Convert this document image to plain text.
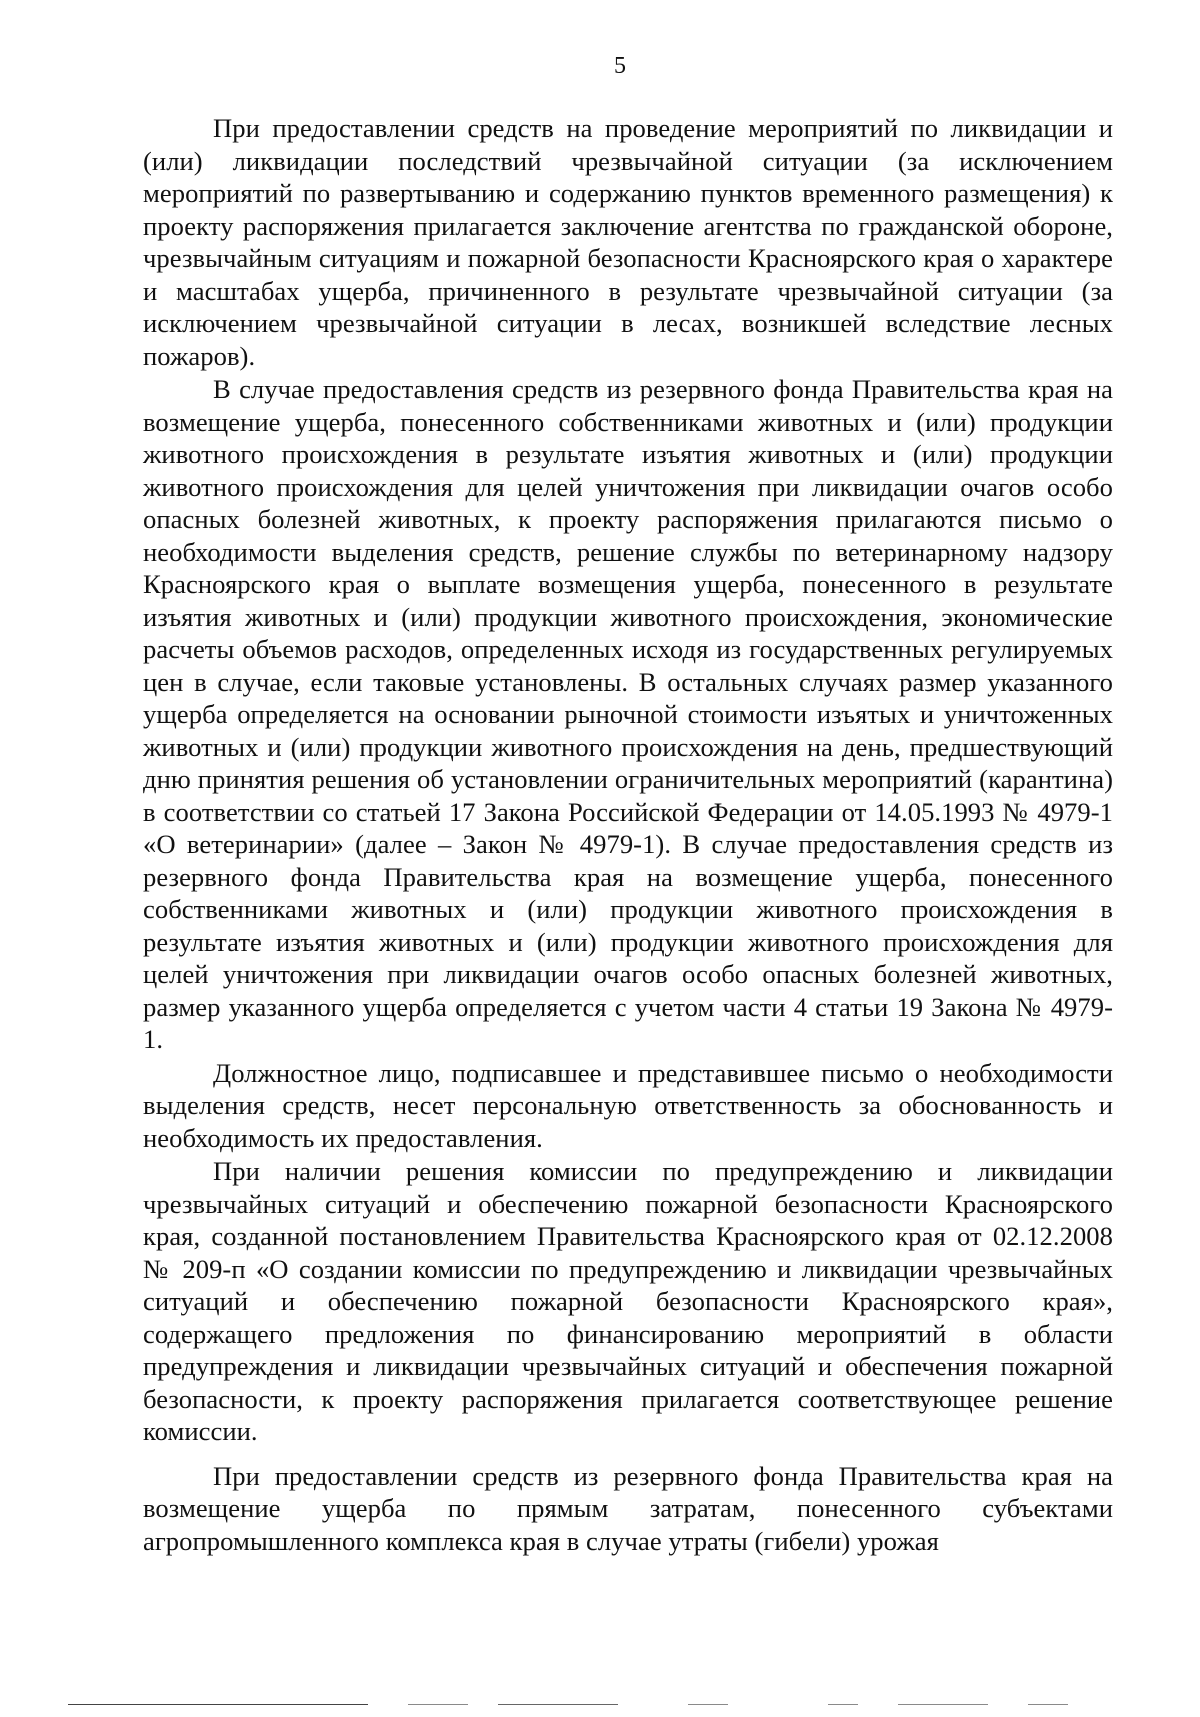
5

При предоставлении средств на проведение мероприятий по ликвидации и (или) ликвидации последствий чрезвычайной ситуации (за исключением мероприятий по развертыванию и содержанию пунктов временного размещения) к проекту распоряжения прилагается заключение агентства по гражданской обороне, чрезвычайным ситуациям и пожарной безопасности Красноярского края о характере и масштабах ущерба, причиненного в результате чрезвычайной ситуации (за исключением чрезвычайной ситуации в лесах, возникшей вследствие лесных пожаров).

В случае предоставления средств из резервного фонда Правительства края на возмещение ущерба, понесенного собственниками животных и (или) продукции животного происхождения в результате изъятия животных и (или) продукции животного происхождения для целей уничтожения при ликвидации очагов особо опасных болезней животных, к проекту распоряжения прилагаются письмо о необходимости выделения средств, решение службы по ветеринарному надзору Красноярского края о выплате возмещения ущерба, понесенного в результате изъятия животных и (или) продукции животного происхождения, экономические расчеты объемов расходов, определенных исходя из государственных регулируемых цен в случае, если таковые установлены. В остальных случаях размер указанного ущерба определяется на основании рыночной стоимости изъятых и уничтоженных животных и (или) продукции животного происхождения на день, предшествующий дню принятия решения об установлении ограничительных мероприятий (карантина) в соответствии со статьей 17 Закона Российской Федерации от 14.05.1993 № 4979-1 «О ветеринарии» (далее – Закон № 4979-1). В случае предоставления средств из резервного фонда Правительства края на возмещение ущерба, понесенного собственниками животных и (или) продукции животного происхождения в результате изъятия животных и (или) продукции животного происхождения для целей уничтожения при ликвидации очагов особо опасных болезней животных, размер указанного ущерба определяется с учетом части 4 статьи 19 Закона № 4979-1.

Должностное лицо, подписавшее и представившее письмо о необходимости выделения средств, несет персональную ответственность за обоснованность и необходимость их предоставления.

При наличии решения комиссии по предупреждению и ликвидации чрезвычайных ситуаций и обеспечению пожарной безопасности Красноярского края, созданной постановлением Правительства Красноярского края от 02.12.2008 № 209-п «О создании комиссии по предупреждению и ликвидации чрезвычайных ситуаций и обеспечению пожарной безопасности Красноярского края», содержащего предложения по финансированию мероприятий в области предупреждения и ликвидации чрезвычайных ситуаций и обеспечения пожарной безопасности, к проекту распоряжения прилагается соответствующее решение комиссии.

При предоставлении средств из резервного фонда Правительства края на возмещение ущерба по прямым затратам, понесенного субъектами агропромышленного комплекса края в случае утраты (гибели) урожая
